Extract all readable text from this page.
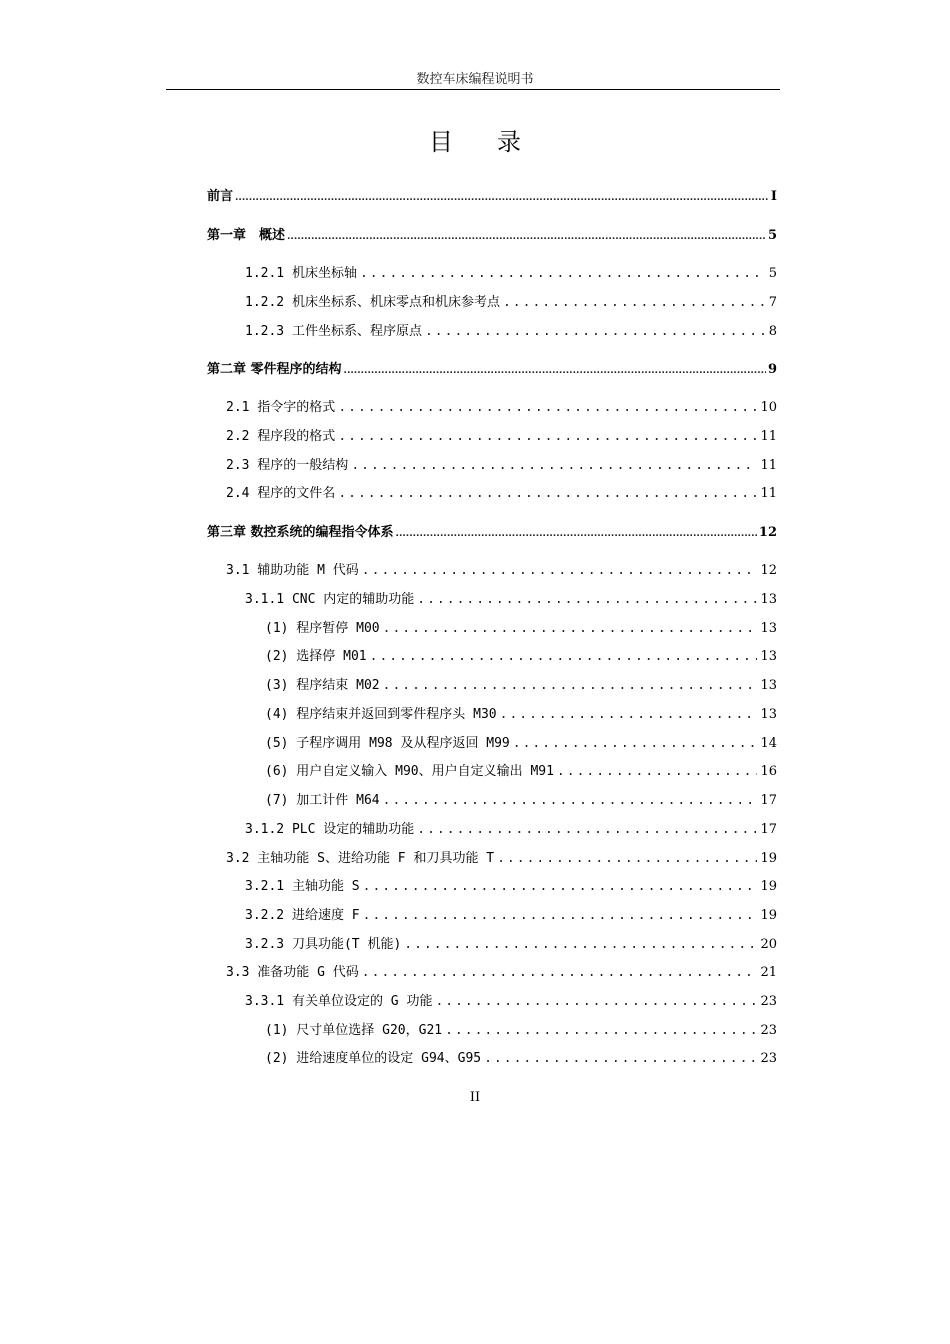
数控车床编程说明书
目录
前言 .....	I
第一章　概述 .....	5
1.2.1 机床坐标轴 .....	5
1.2.2 机床坐标系、机床零点和机床参考点 .....	7
1.2.3 工件坐标系、程序原点 .....	8
第二章 零件程序的结构 .....	9
2.1 指令字的格式 .....	10
2.2 程序段的格式 .....	11
2.3 程序的一般结构 .....	11
2.4 程序的文件名 .....	11
第三章 数控系统的编程指令体系 .....	12
3.1 辅助功能 M 代码 .....	12
3.1.1 CNC 内定的辅助功能 .....	13
(1) 程序暂停 M00 .....	13
(2) 选择停 M01 .....	13
(3) 程序结束 M02 .....	13
(4) 程序结束并返回到零件程序头 M30 .....	13
(5) 子程序调用 M98 及从程序返回 M99 .....	14
(6) 用户自定义输入 M90、用户自定义输出 M91 .....	16
(7) 加工计件 M64 .....	17
3.1.2 PLC 设定的辅助功能 .....	17
3.2 主轴功能 S、进给功能 F 和刀具功能 T .....	19
3.2.1 主轴功能 S .....	19
3.2.2 进给速度 F .....	19
3.2.3 刀具功能(T 机能) .....	20
3.3 准备功能 G 代码 .....	21
3.3.1 有关单位设定的 G 功能 .....	23
(1) 尺寸单位选择 G20，G21 .....	23
(2) 进给速度单位的设定 G94、G95 .....	23
II
